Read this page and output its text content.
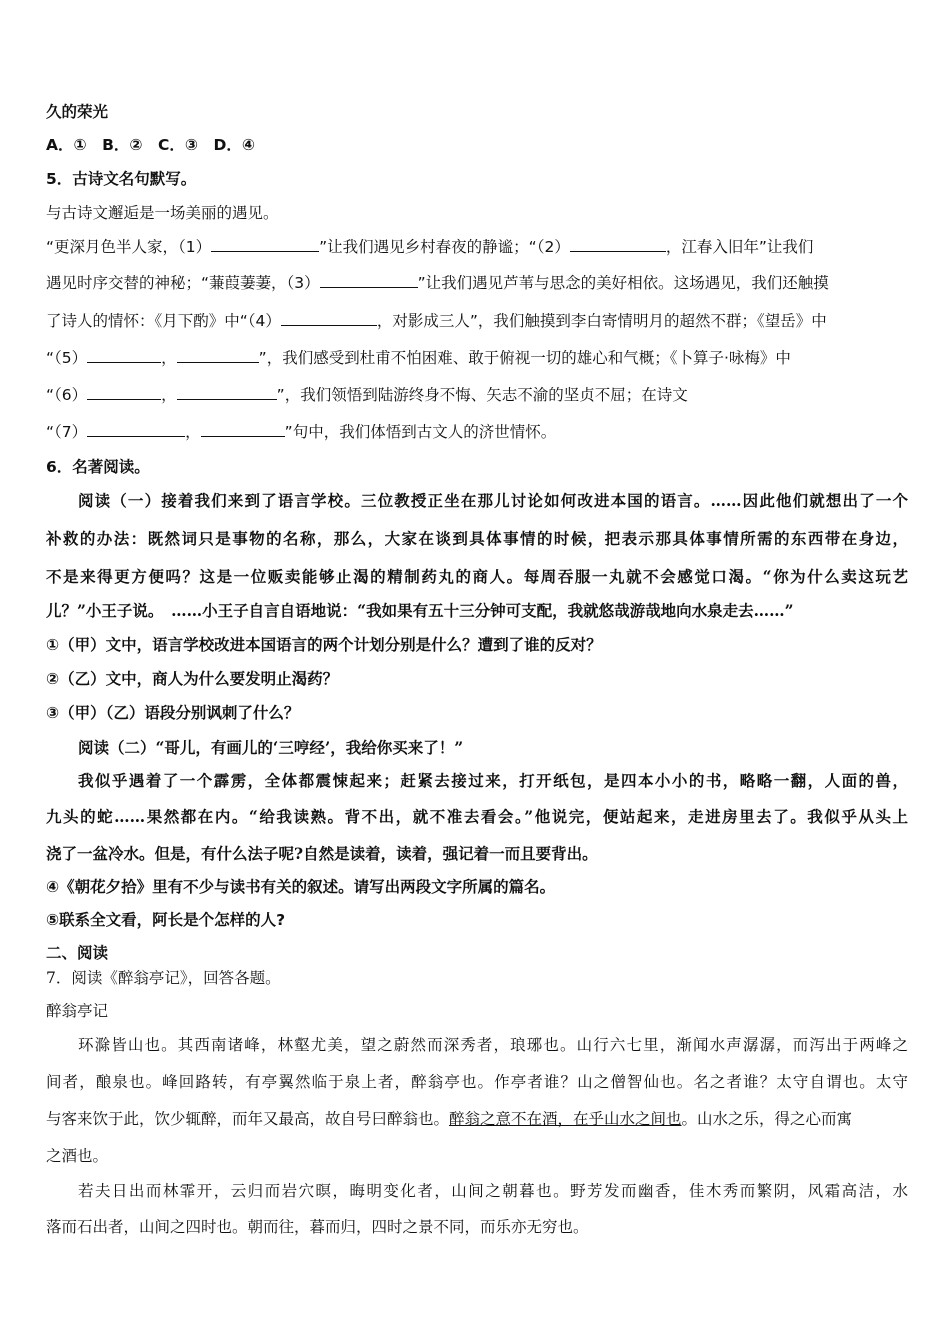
久的荣光
A．①　B．②　C．③　D．④
5．古诗文名句默写。
与古诗文邂逅是一场美丽的遇见。
“更深月色半人家，（1）	”让我们遇见乡村春夜的静谧；“（2）	，江春入旧年”让我们
遇见时序交替的神秘；“蒹葭萋萋，（3）	”让我们遇见芦苇与思念的美好相依。这场遇见，我们还触摸
了诗人的情怀：《月下酌》中“（4）	，对影成三人”，我们触摸到李白寄情明月的超然不群；《望岳》中
“（5）	，	”，我们感受到杜甫不怕困难、敢于俯视一切的雄心和气概；《卜算子·咏梅》中
“（6）	，	”，我们领悟到陆游终身不悔、矢志不渝的坚贞不屈；在诗文
“（7）	，	”句中，我们体悟到古文人的济世情怀。
6．名著阅读。
阅读（一）接着我们来到了语言学校。三位教授正坐在那儿讨论如何改进本国的语言。……因此他们就想出了一个
补救的办法：既然词只是事物的名称，那么，大家在谈到具体事情的时候，把表示那具体事情所需的东西带在身边，
不是来得更方便吗？这是一位贩卖能够止渴的精制药丸的商人。每周吞服一丸就不会感觉口渴。“你为什么卖这玩艺
儿？”小王子说。　……小王子自言自语地说：“我如果有五十三分钟可支配，我就悠哉游哉地向水泉走去……”
①（甲）文中，语言学校改进本国语言的两个计划分别是什么？遭到了谁的反对？
②（乙）文中，商人为什么要发明止渴药？
③（甲）（乙）语段分别讽刺了什么？
阅读（二）“哥儿，有画儿的‘三哼经’，我给你买来了！”
我似乎遇着了一个霹雳，全体都震悚起来；赶紧去接过来，打开纸包，是四本小小的书，略略一翻，人面的兽，
九头的蛇……果然都在内。“给我读熟。背不出，就不准去看会。”他说完，便站起来，走进房里去了。我似乎从头上
浇了一盆冷水。但是，有什么法子呢?自然是读着，读着，强记着一而且要背出。
④《朝花夕拾》里有不少与读书有关的叙述。请写出两段文字所属的篇名。
⑤联系全文看，阿长是个怎样的人?
二、阅读
7．阅读《醉翁亭记》，回答各题。
醉翁亭记
环滁皆山也。其西南诸峰，林壑尤美，望之蔚然而深秀者，琅琊也。山行六七里，渐闻水声潺潺，而泻出于两峰之
间者，酿泉也。峰回路转，有亭翼然临于泉上者，醉翁亭也。作亭者谁？山之僧智仙也。名之者谁？太守自谓也。太守
与客来饮于此，饮少辄醉，而年又最高，故自号曰醉翁也。醉翁之意不在酒，在乎山水之间也。山水之乐，得之心而寓
之酒也。
若夫日出而林霏开，云归而岩穴暝，晦明变化者，山间之朝暮也。野芳发而幽香，佳木秀而繁阴，风霜高洁，水
落而石出者，山间之四时也。朝而往，暮而归，四时之景不同，而乐亦无穷也。
